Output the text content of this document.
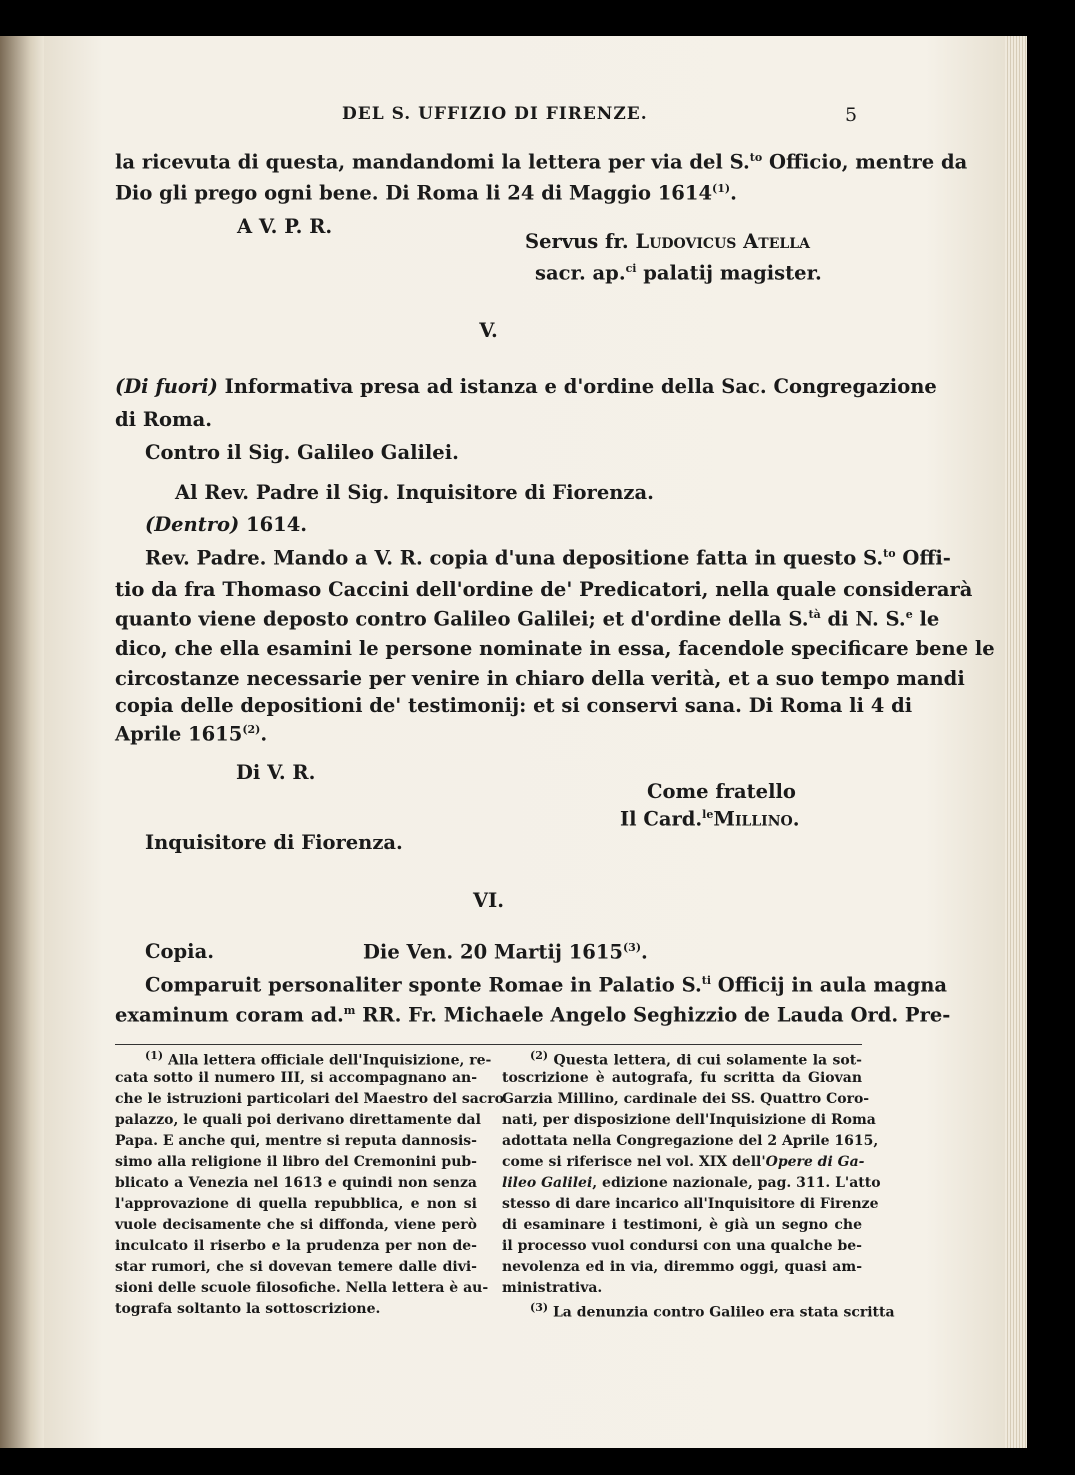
DEL S. UFFIZIO DI FIRENZE.	5
la ricevuta di questa, mandandomi la lettera per via del S.$^{to}$ Officio, mentre da
Dio gli prego ogni bene. Di Roma li 24 di Maggio 1614$^{(1)}$.
A V. P. R.
Servus fr. Ludovicus Atella
sacr. ap.$^{ci}$ palatij magister.
V.
(Di fuori) Informativa presa ad istanza e d'ordine della Sac. Congregazione
di Roma.
Contro il Sig. Galileo Galilei.
Al Rev. Padre il Sig. Inquisitore di Fiorenza.
(Dentro) 1614.
Rev. Padre. Mando a V. R. copia d'una depositione fatta in questo S.$^{to}$ Offi-
tio da fra Thomaso Caccini dell'ordine de' Predicatori, nella quale considerarà
quanto viene deposto contro Galileo Galilei; et d'ordine della S.$^{tà}$ di N. S.$^e$ le
dico, che ella esamini le persone nominate in essa, facendole specificare bene le
circostanze necessarie per venire in chiaro della verità, et a suo tempo mandi
copia delle depositioni de' testimonij: et si conservi sana. Di Roma li 4 di
Aprile 1615$^{(2)}$.
Di V. R.
Come fratello
Il Card.$^{le}$Millino.
Inquisitore di Fiorenza.
VI.
Copia.	Die Ven. 20 Martij 1615$^{(3)}$.
Comparuit personaliter sponte Romae in Palatio S.$^{ti}$ Officij in aula magna
examinum coram ad.$^m$ RR. Fr. Michaele Angelo Seghizzio de Lauda Ord. Pre-
$^{(1)}$ Alla lettera officiale dell'Inquisizione, re-
cata sotto il numero III, si accompagnano an-
che le istruzioni particolari del Maestro del sacro
palazzo, le quali poi derivano direttamente dal
Papa. E anche qui, mentre si reputa dannosis-
simo alla religione il libro del Cremonini pub-
blicato a Venezia nel 1613 e quindi non senza
l'approvazione di quella repubblica, e non si
vuole decisamente che si diffonda, viene però
inculcato il riserbo e la prudenza per non de-
star rumori, che si dovevan temere dalle divi-
sioni delle scuole filosofiche. Nella lettera è au-
tografa soltanto la sottoscrizione.
$^{(2)}$ Questa lettera, di cui solamente la sot-
toscrizione è autografa, fu scritta da Giovan
Garzia Millino, cardinale dei SS. Quattro Coro-
nati, per disposizione dell'Inquisizione di Roma
adottata nella Congregazione del 2 Aprile 1615,
come si riferisce nel vol. XIX dell'Opere di Ga-
lileo Galilei, edizione nazionale, pag. 311. L'atto
stesso di dare incarico all'Inquisitore di Firenze
di esaminare i testimoni, è già un segno che
il processo vuol condursi con una qualche be-
nevolenza ed in via, diremmo oggi, quasi am-
ministrativa.
$^{(3)}$ La denunzia contro Galileo era stata scritta
